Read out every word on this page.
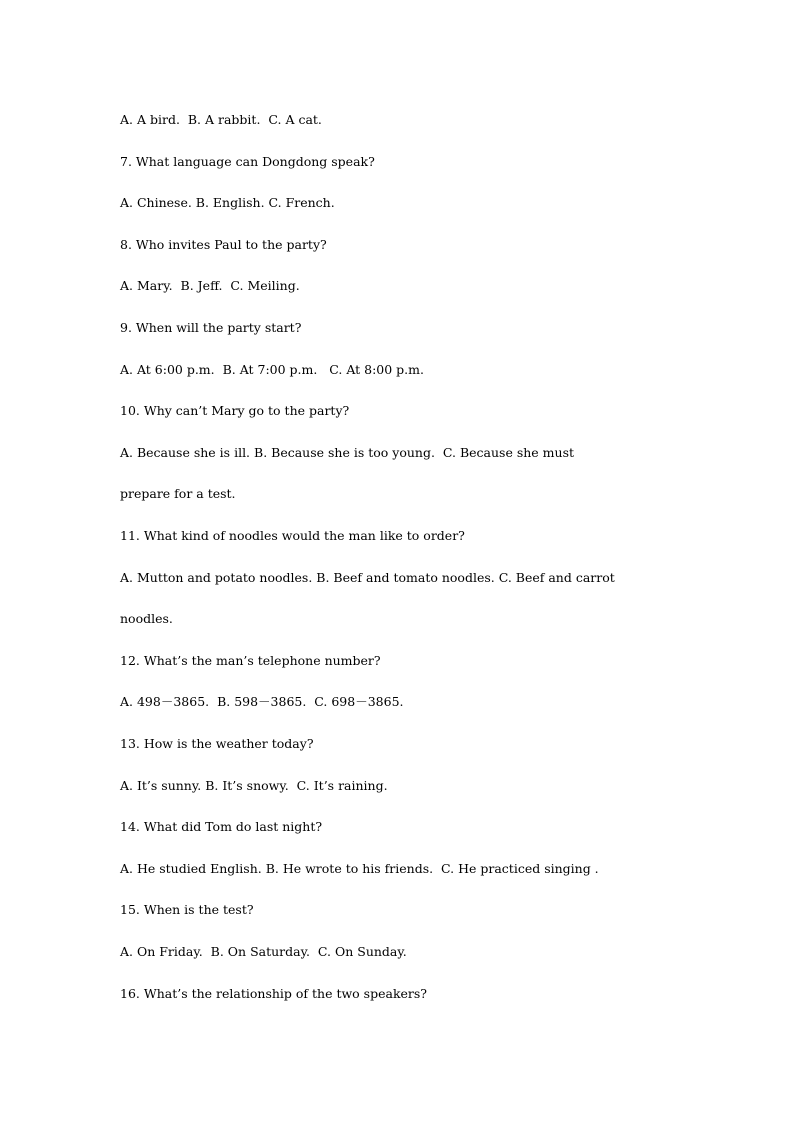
A. A bird.  B. A rabbit.  C. A cat.
7. What language can Dongdong speak?
A. Chinese. B. English. C. French.
8. Who invites Paul to the party?
A. Mary.  B. Jeff.  C. Meiling.
9. When will the party start?
A. At 6:00 p.m.  B. At 7:00 p.m.   C. At 8:00 p.m.
10. Why can’t Mary go to the party?
A. Because she is ill. B. Because she is too young.  C. Because she must
prepare for a test.
11. What kind of noodles would the man like to order?
A. Mutton and potato noodles. B. Beef and tomato noodles. C. Beef and carrot
noodles.
12. What’s the man’s telephone number?
A. 498－3865.  B. 598－3865.  C. 698－3865.
13. How is the weather today?
A. It’s sunny. B. It’s snowy.  C. It’s raining.
14. What did Tom do last night?
A. He studied English. B. He wrote to his friends.  C. He practiced singing .
15. When is the test?
A. On Friday.  B. On Saturday.  C. On Sunday.
16. What’s the relationship of the two speakers?
